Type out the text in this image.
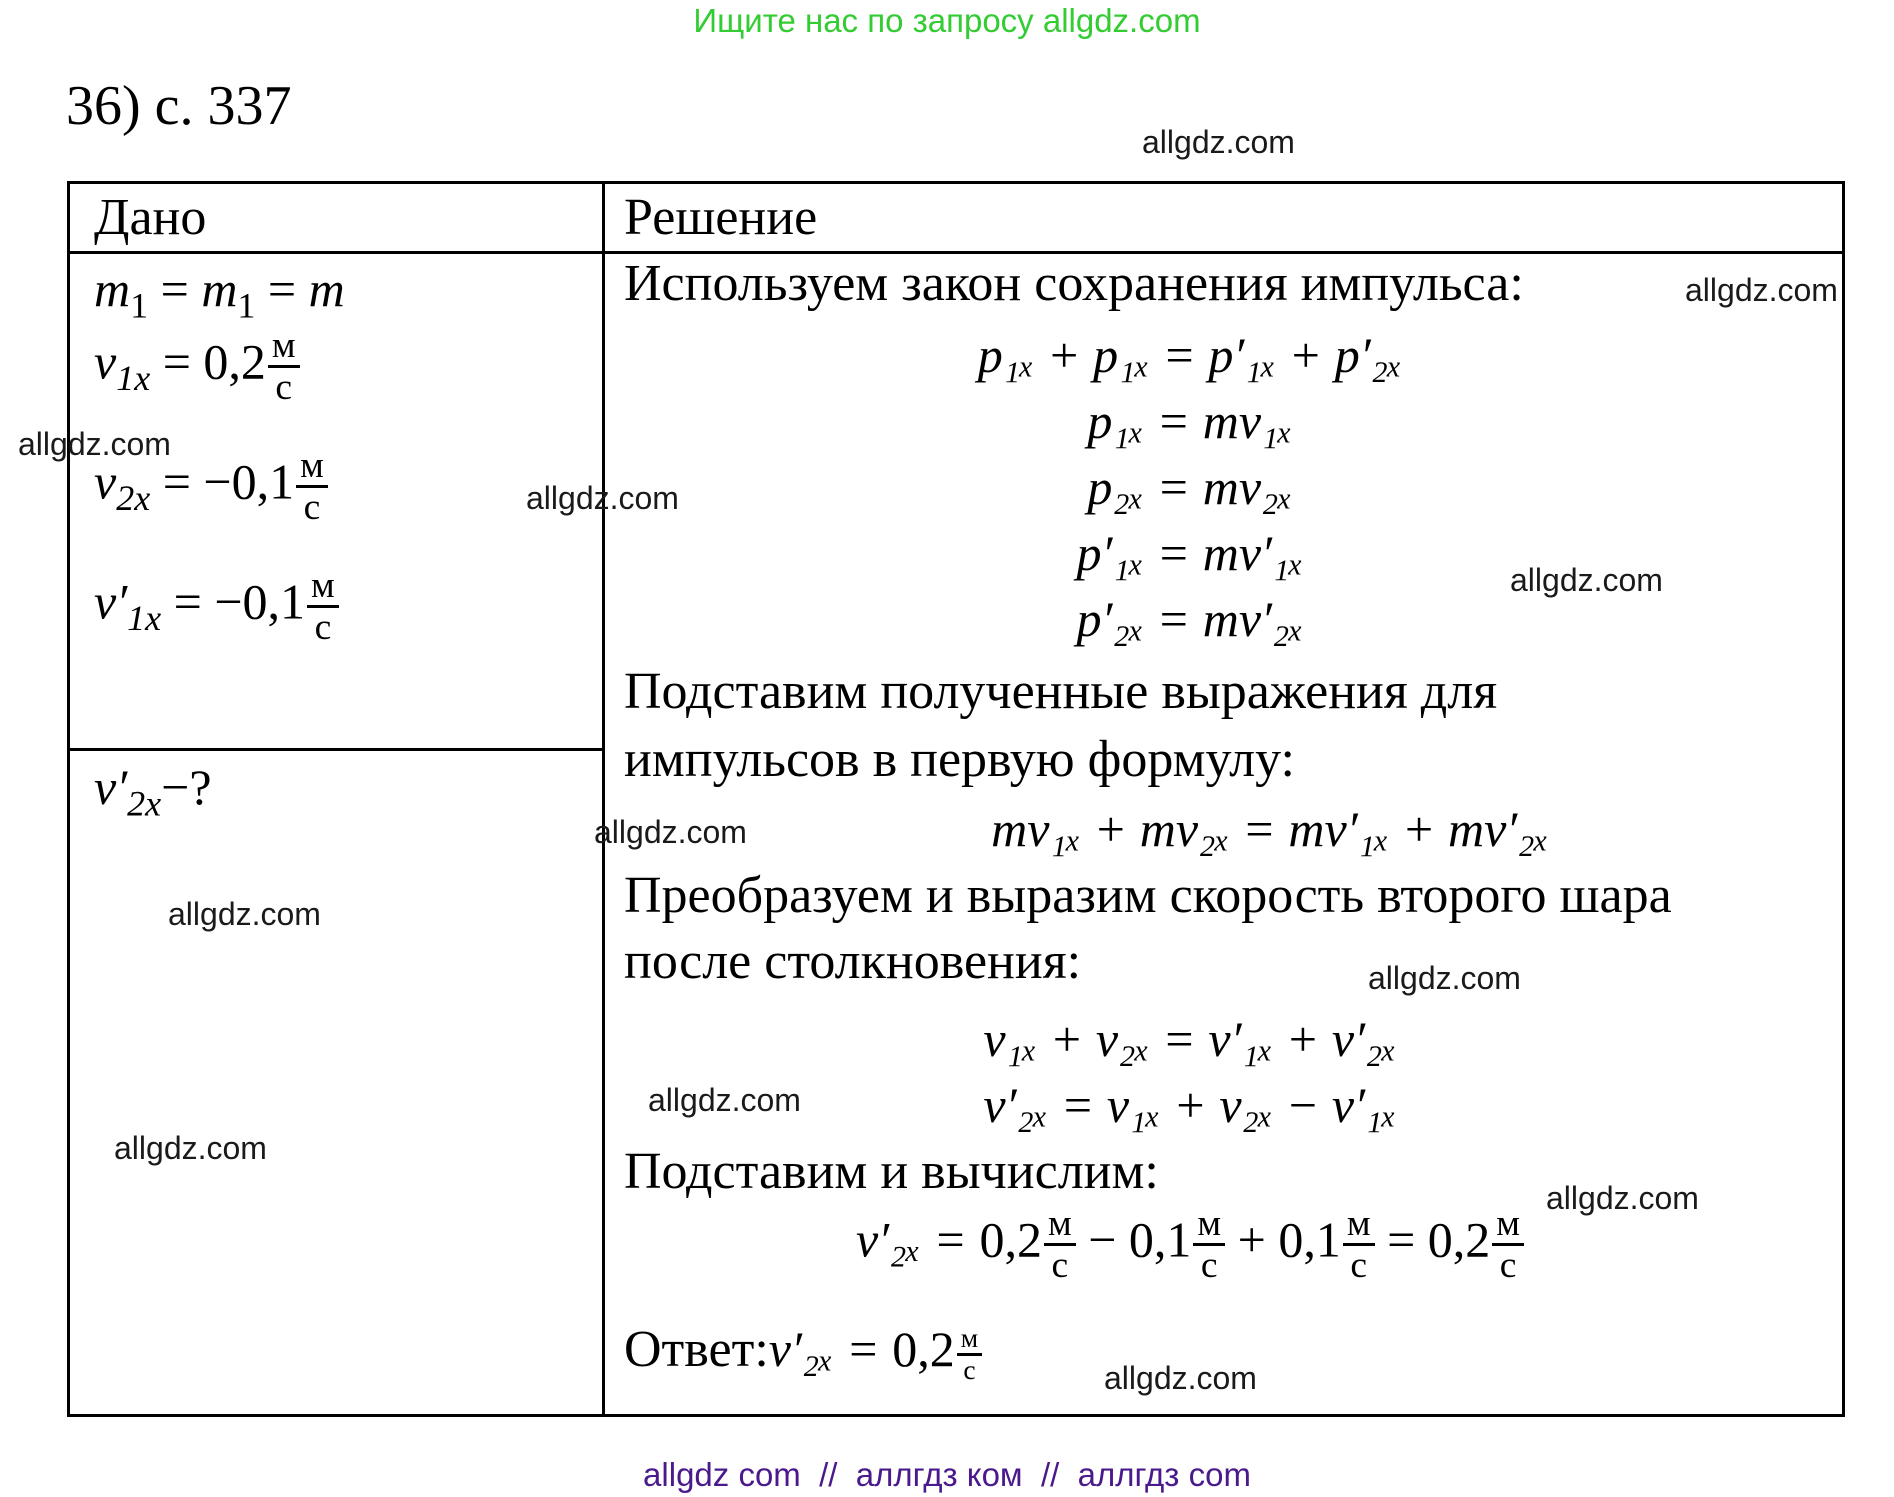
Ищите нас по запросу allgdz.com
36) с. 337
Дано
$m_1 = m_1 = m$
$v_{1x} = 0,2 \frac{м}{с}$
$v_{2x} = -0,1 \frac{м}{с}$
$v'_{1x} = -0,1 \frac{м}{с}$
$v'_{2x}-$?
Решение
Используем закон сохранения импульса:
p₁ₓ + p₁ₓ = p′₁ₓ + p′₂ₓ
p₁ₓ = mv₁ₓ
p₂ₓ = mv₂ₓ
p′₁ₓ = mv′₁ₓ
p′₂ₓ = mv′₂ₓ
Подставим полученные выражения для
импульсов в первую формулу:
mv₁ₓ + mv₂ₓ = mv′₁ₓ + mv′₂ₓ
Преобразуем и выразим скорость второго шара
после столкновения:
v₁ₓ + v₂ₓ = v′₁ₓ + v′₂ₓ
v′₂ₓ = v₁ₓ + v₂ₓ − v′₁ₓ
Подставим и вычислим:
$v'_{2x} = 0,2 \frac{м}{с} - 0,1 \frac{м}{с} + 0,1 \frac{м}{с} = 0,2 \frac{м}{с}$
Ответ:v′₂ₓ = $0,2 \frac{м}{с}$
allgdz.com
allgdz.com
allgdz.com
allgdz.com
allgdz.com
allgdz.com
allgdz.com
allgdz.com
allgdz.com
allgdz.com
allgdz.com
allgdz.com
allgdz com  //  аллгдз ком  //  аллгдз com
